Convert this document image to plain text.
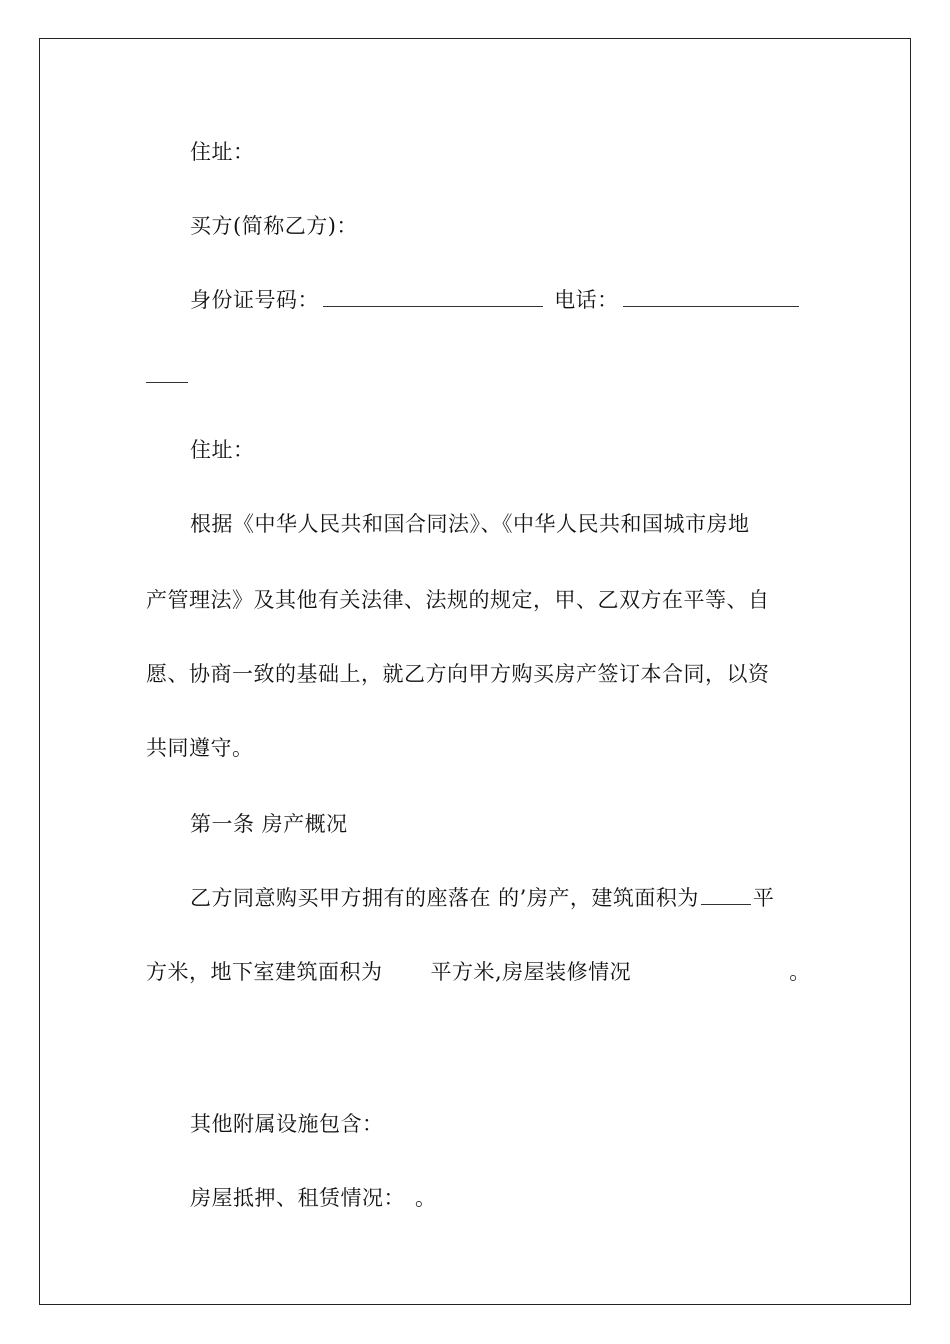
住址：
买方(简称乙方)：
身份证号码：	电话：
住址：
根据《中华人民共和国合同法》、《中华人民共和国城市房地
产管理法》及其他有关法律、法规的规定，甲、乙双方在平等、自
愿、协商一致的基础上，就乙方向甲方购买房产签订本合同，以资
共同遵守。
第一条 房产概况
乙方同意购买甲方拥有的座落在 的’房产，建筑面积为	平
方米，地下室建筑面积为 平方米,房屋装修情况	。
其他附属设施包含：
房屋抵押、租赁情况： 。
